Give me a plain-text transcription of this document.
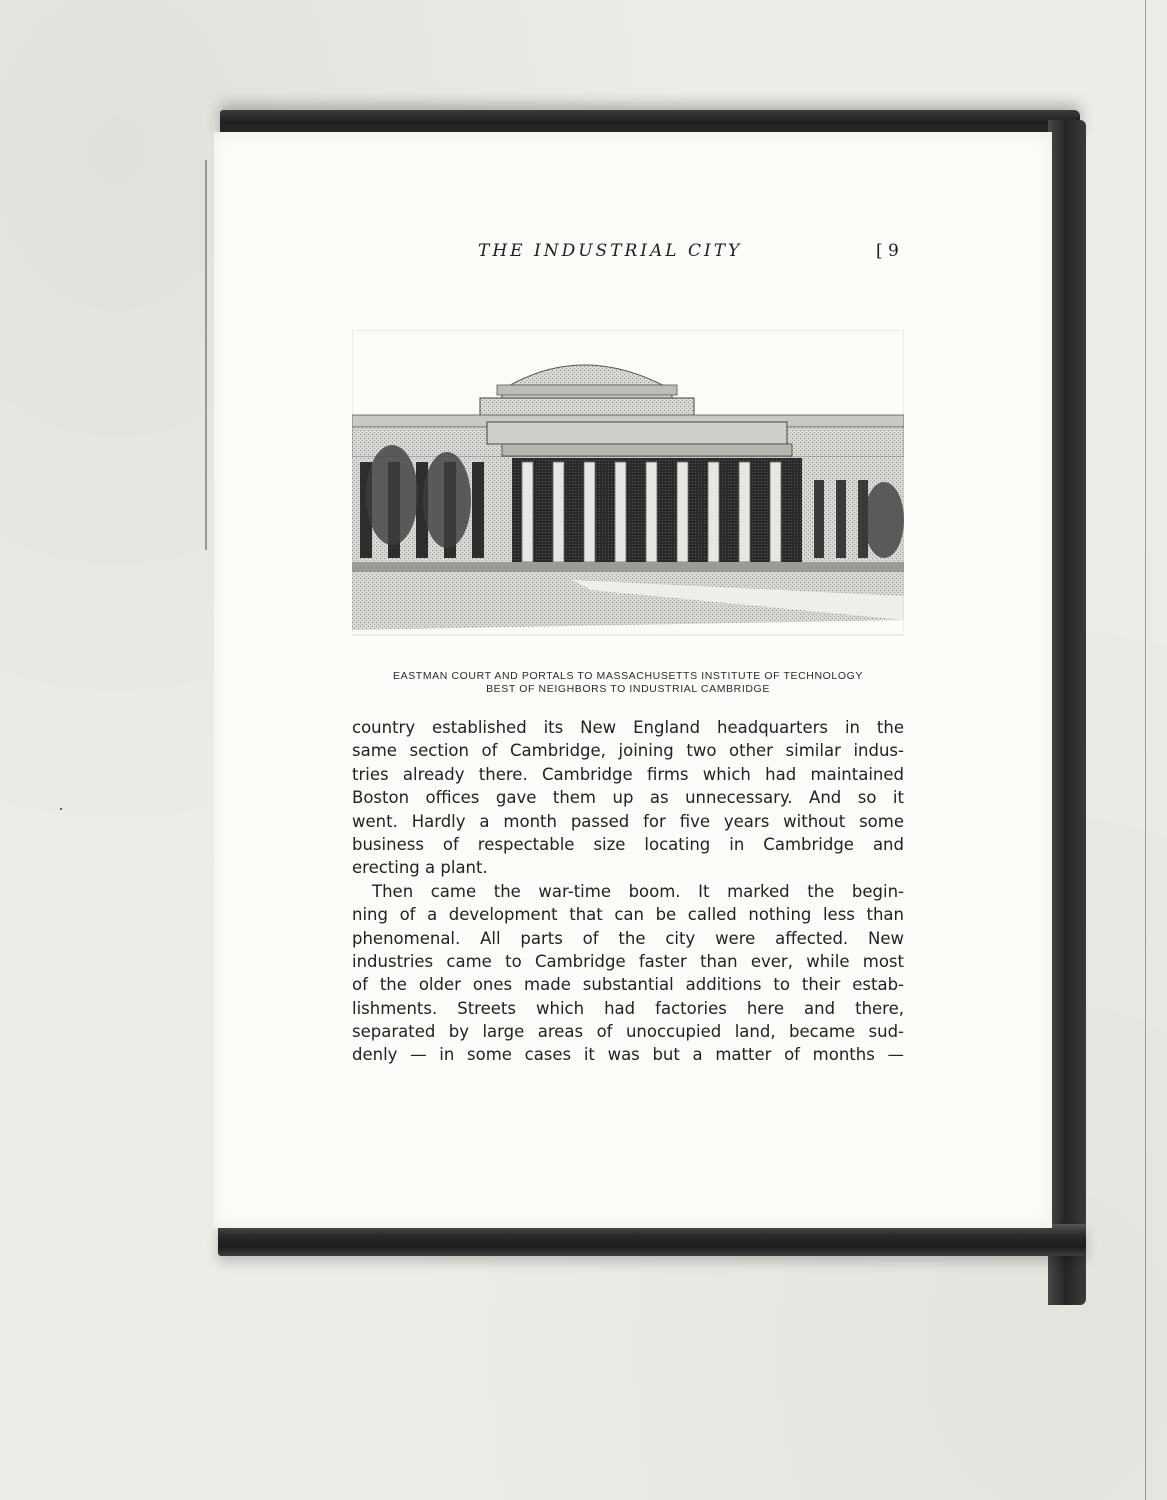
THE INDUSTRIAL CITY	[ 9
EASTMAN COURT AND PORTALS TO MASSACHUSETTS INSTITUTE OF TECHNOLOGY
BEST OF NEIGHBORS TO INDUSTRIAL CAMBRIDGE
country established its New England headquarters in the
same section of Cambridge, joining two other similar indus-
tries already there. Cambridge firms which had maintained
Boston offices gave them up as unnecessary. And so it
went. Hardly a month passed for five years without some
business of respectable size locating in Cambridge and
erecting a plant.
Then came the war-time boom. It marked the begin-
ning of a development that can be called nothing less than
phenomenal. All parts of the city were affected. New
industries came to Cambridge faster than ever, while most
of the older ones made substantial additions to their estab-
lishments. Streets which had factories here and there,
separated by large areas of unoccupied land, became sud-
denly — in some cases it was but a matter of months —
